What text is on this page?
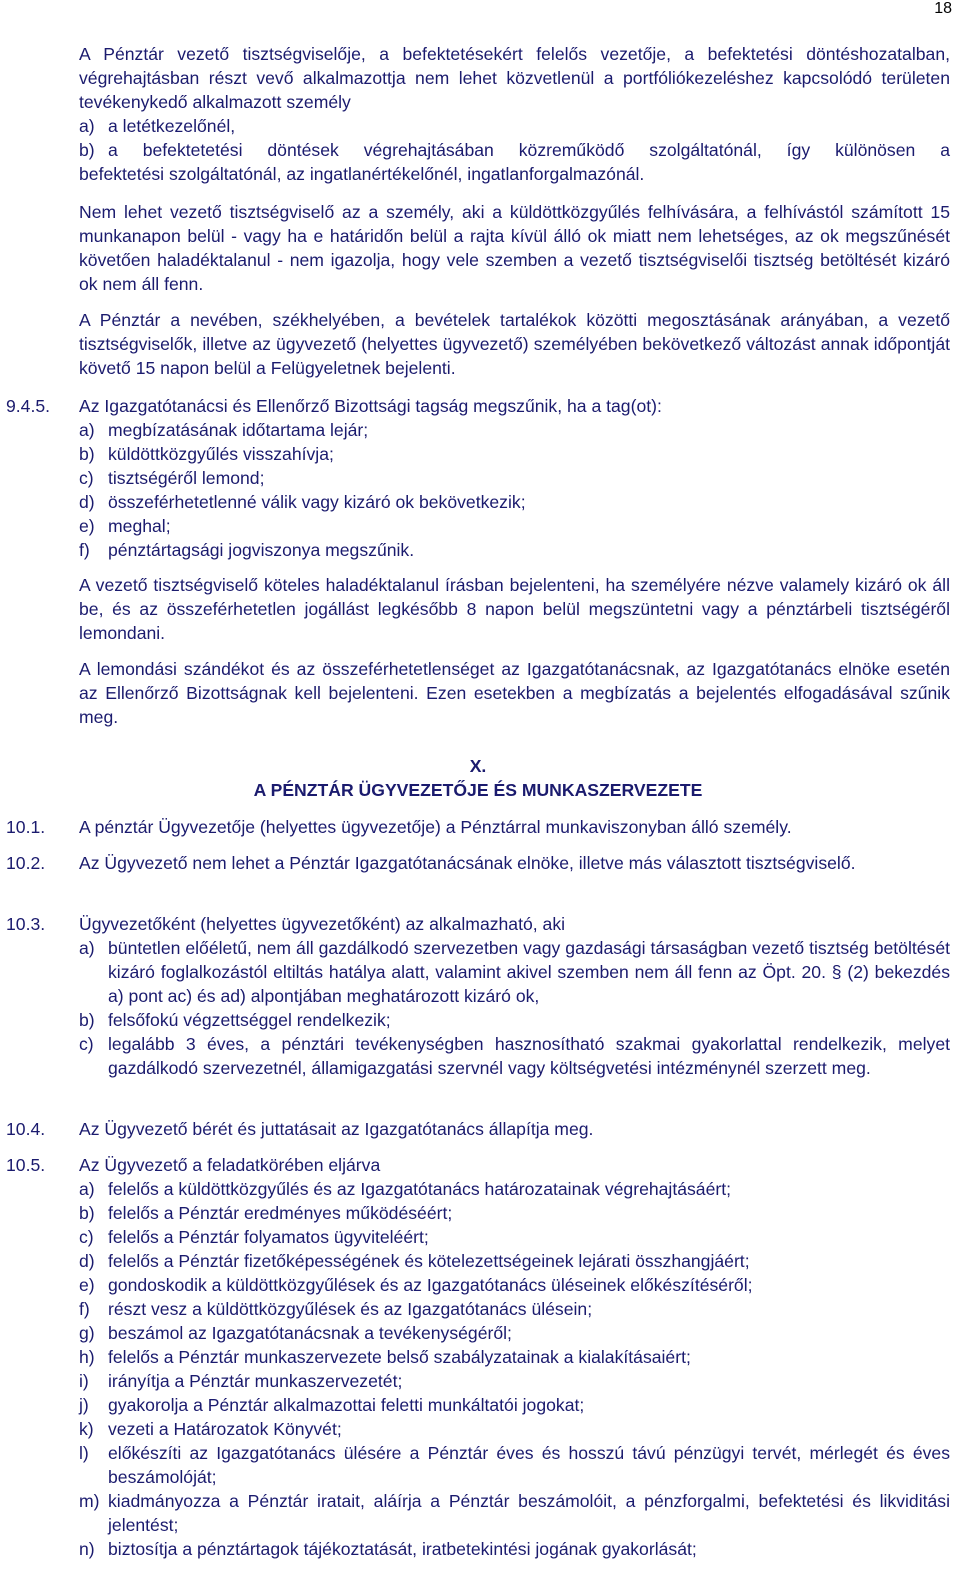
18

A Pénztár vezető tisztségviselője, a befektetésekért felelős vezetője, a befektetési döntéshozatalban, végrehajtásban részt vevő alkalmazottja nem lehet közvetlenül a portfóliókezeléshez kapcsolódó területen tevékenykedő alkalmazott személy

a) a letétkezelőnél,
b) a befektetetési döntések végrehajtásában közreműködő szolgáltatónál, így különösen a

befektetési szolgáltatónál, az ingatlanértékelőnél, ingatlanforgalmazónál.

Nem lehet vezető tisztségviselő az a személy, aki a küldöttközgyűlés felhívására, a felhívástól számított 15 munkanapon belül - vagy ha e határidőn belül a rajta kívül álló ok miatt nem lehetséges, az ok megszűnését követően haladéktalanul - nem igazolja, hogy vele szemben a vezető tisztségviselői tisztség betöltését kizáró ok nem áll fenn.
A Pénztár a nevében, székhelyében, a bevételek tartalékok közötti megosztásának arányában, a vezető tisztségviselők, illetve az ügyvezető (helyettes ügyvezető) személyében bekövetkező változást annak időpontját követő 15 napon belül a Felügyeletnek bejelenti.
9.4.5. Az Igazgatótanácsi és Ellenőrző Bizottsági tagság megszűnik, ha a tag(ot):

a) megbízatásának időtartama lejár;
b) küldöttközgyűlés visszahívja;
c) tisztségéről lemond;
d) összeférhetetlenné válik vagy kizáró ok bekövetkezik;
e) meghal;
f)	pénztártagsági jogviszonya megszűnik.
A vezető tisztségviselő köteles haladéktalanul írásban bejelenteni, ha személyére nézve valamely kizáró ok áll be, és az összeférhetetlen jogállást legkésőbb 8 napon belül megszüntetni vagy a pénztárbeli tisztségéről lemondani.
A lemondási szándékot és az összeférhetetlenséget az Igazgatótanácsnak, az Igazgatótanács elnöke esetén az Ellenőrző Bizottságnak kell bejelenteni. Ezen esetekben a megbízatás a bejelentés elfogadásával szűnik meg.
X.
A PÉNZTÁR ÜGYVEZETŐJE ÉS MUNKASZERVEZETE
10.1. A pénztár Ügyvezetője (helyettes ügyvezetője) a Pénztárral munkaviszonyban álló személy.
10.2. Az Ügyvezető nem lehet a Pénztár Igazgatótanácsának elnöke, illetve más választott tisztségviselő.
10.3. Ügyvezetőként (helyettes ügyvezetőként) az alkalmazható, aki

a) büntetlen előéletű, nem áll gazdálkodó szervezetben vagy gazdasági társaságban vezető tisztség betöltését kizáró foglalkozástól eltiltás hatálya alatt, valamint akivel szemben nem áll fenn az Öpt. 20. § (2) bekezdés a) pont ac) és ad) alpontjában meghatározott kizáró ok,
b) felsőfokú végzettséggel rendelkezik;
c) legalább 3 éves, a pénztári tevékenységben hasznosítható szakmai gyakorlattal rendelkezik, melyet gazdálkodó szervezetnél, államigazgatási szervnél vagy költségvetési intézménynél szerzett meg.
10.4. Az Ügyvezető bérét és juttatásait az Igazgatótanács állapítja meg.
10.5. Az Ügyvezető a feladatkörében eljárva

a) felelős a küldöttközgyűlés és az Igazgatótanács határozatainak végrehajtásáért;
b) felelős a Pénztár eredményes működéséért;
c) felelős a Pénztár folyamatos ügyviteléért;
d) felelős a Pénztár fizetőképességének és kötelezettségeinek lejárati összhangjáért;
e) gondoskodik a küldöttközgyűlések és az Igazgatótanács üléseinek előkészítéséről;
f)	részt vesz a küldöttközgyűlések és az Igazgatótanács ülésein;
g) beszámol az Igazgatótanácsnak a tevékenységéről;
h) felelős a Pénztár munkaszervezete belső szabályzatainak a kialakításaiért;
i)	irányítja a Pénztár munkaszervezetét;
j)	gyakorolja a Pénztár alkalmazottai feletti munkáltatói jogokat;
k) vezeti a Határozatok Könyvét;
l)	előkészíti az Igazgatótanács ülésére a Pénztár éves és hosszú távú pénzügyi tervét, mérlegét és éves beszámolóját;
m) kiadmányozza a Pénztár iratait, aláírja a Pénztár beszámolóit, a pénzforgalmi, befektetési és likviditási jelentést;
n) biztosítja a pénztártagok tájékoztatását, iratbetekintési jogának gyakorlását;
